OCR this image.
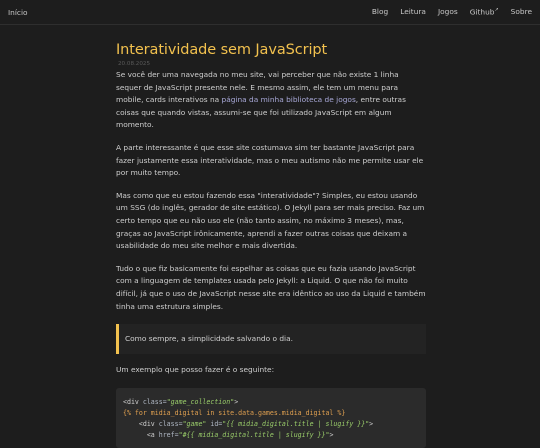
Início	Blog Leitura Jogos Github↗ Sobre
Interatividade sem JavaScript
20.08.2025

Se você der uma navegada no meu site, vai perceber que não existe 1 linha sequer de JavaScript presente nele. E mesmo assim, ele tem um menu para mobile, cards interativos na página da minha biblioteca de jogos, entre outras coisas que quando vistas, assumi-se que foi utilizado JavaScript em algum momento.

A parte interessante é que esse site costumava sim ter bastante JavaScript para fazer justamente essa interatividade, mas o meu autismo não me permite usar ele por muito tempo.

Mas como que eu estou fazendo essa "interatividade"? Simples, eu estou usando um SSG (do inglês, gerador de site estático). O Jekyll para ser mais preciso. Faz um certo tempo que eu não uso ele (não tanto assim, no máximo 3 meses), mas, graças ao JavaScript irônicamente, aprendi a fazer outras coisas que deixam a usabilidade do meu site melhor e mais divertida.

Tudo o que fiz basicamente foi espelhar as coisas que eu fazia usando JavaScript com a linguagem de templates usada pelo Jekyll: a Liquid. O que não foi muito difícil, já que o uso de JavaScript nesse site era idêntico ao uso da Liquid e também tinha uma estrutura simples.

Como sempre, a simplicidade salvando o dia.

Um exemplo que posso fazer é o seguinte:

<div class="game_collection">
{% for midia_digital in site.data.games.midia_digital %}
<div class="game" id="{{ midia_digital.title | slugify }}">
<a href="#{{ midia_digital.title | slugify }}">
